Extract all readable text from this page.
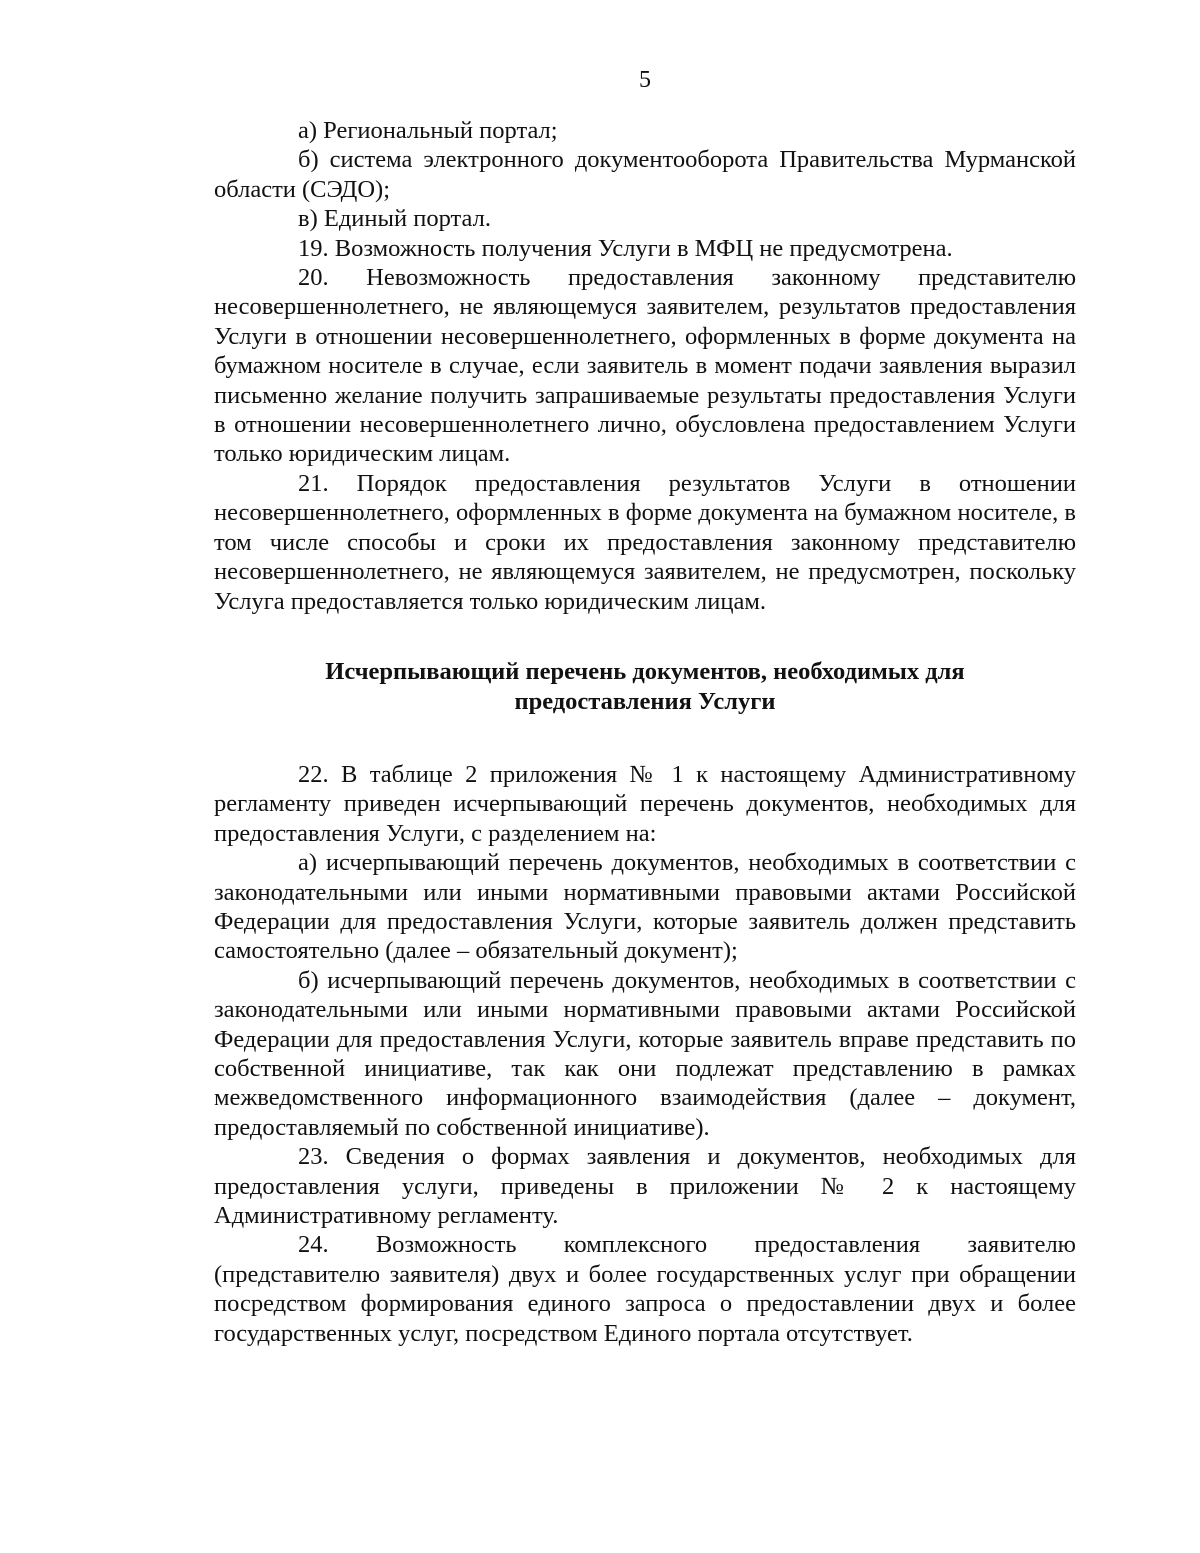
5

а) Региональный портал;

б) система электронного документооборота Правительства Мурманской области (СЭДО);

в) Единый портал.

19. Возможность получения Услуги в МФЦ не предусмотрена.

20. Невозможность предоставления законному представителю несовершеннолетнего, не являющемуся заявителем, результатов предоставления Услуги в отношении несовершеннолетнего, оформленных в форме документа на бумажном носителе в случае, если заявитель в момент подачи заявления выразил письменно желание получить запрашиваемые результаты предоставления Услуги в отношении несовершеннолетнего лично, обусловлена предоставлением Услуги только юридическим лицам.

21. Порядок предоставления результатов Услуги в отношении несовершеннолетнего, оформленных в форме документа на бумажном носителе, в том числе способы и сроки их предоставления законному представителю несовершеннолетнего, не являющемуся заявителем, не предусмотрен, поскольку Услуга предоставляется только юридическим лицам.

Исчерпывающий перечень документов, необходимых для
предоставления Услуги

22. В таблице 2 приложения № 1 к настоящему Административному регламенту приведен исчерпывающий перечень документов, необходимых для предоставления Услуги, с разделением на:

а) исчерпывающий перечень документов, необходимых в соответствии с законодательными или иными нормативными правовыми актами Российской Федерации для предоставления Услуги, которые заявитель должен представить самостоятельно (далее – обязательный документ);

б) исчерпывающий перечень документов, необходимых в соответствии с законодательными или иными нормативными правовыми актами Российской Федерации для предоставления Услуги, которые заявитель вправе представить по собственной инициативе, так как они подлежат представлению в рамках межведомственного информационного взаимодействия (далее – документ, предоставляемый по собственной инициативе).

23. Сведения о формах заявления и документов, необходимых для предоставления услуги, приведены в приложении № 2 к настоящему Административному регламенту.

24. Возможность комплексного предоставления заявителю (представителю заявителя) двух и более государственных услуг при обращении посредством формирования единого запроса о предоставлении двух и более государственных услуг, посредством Единого портала отсутствует.
